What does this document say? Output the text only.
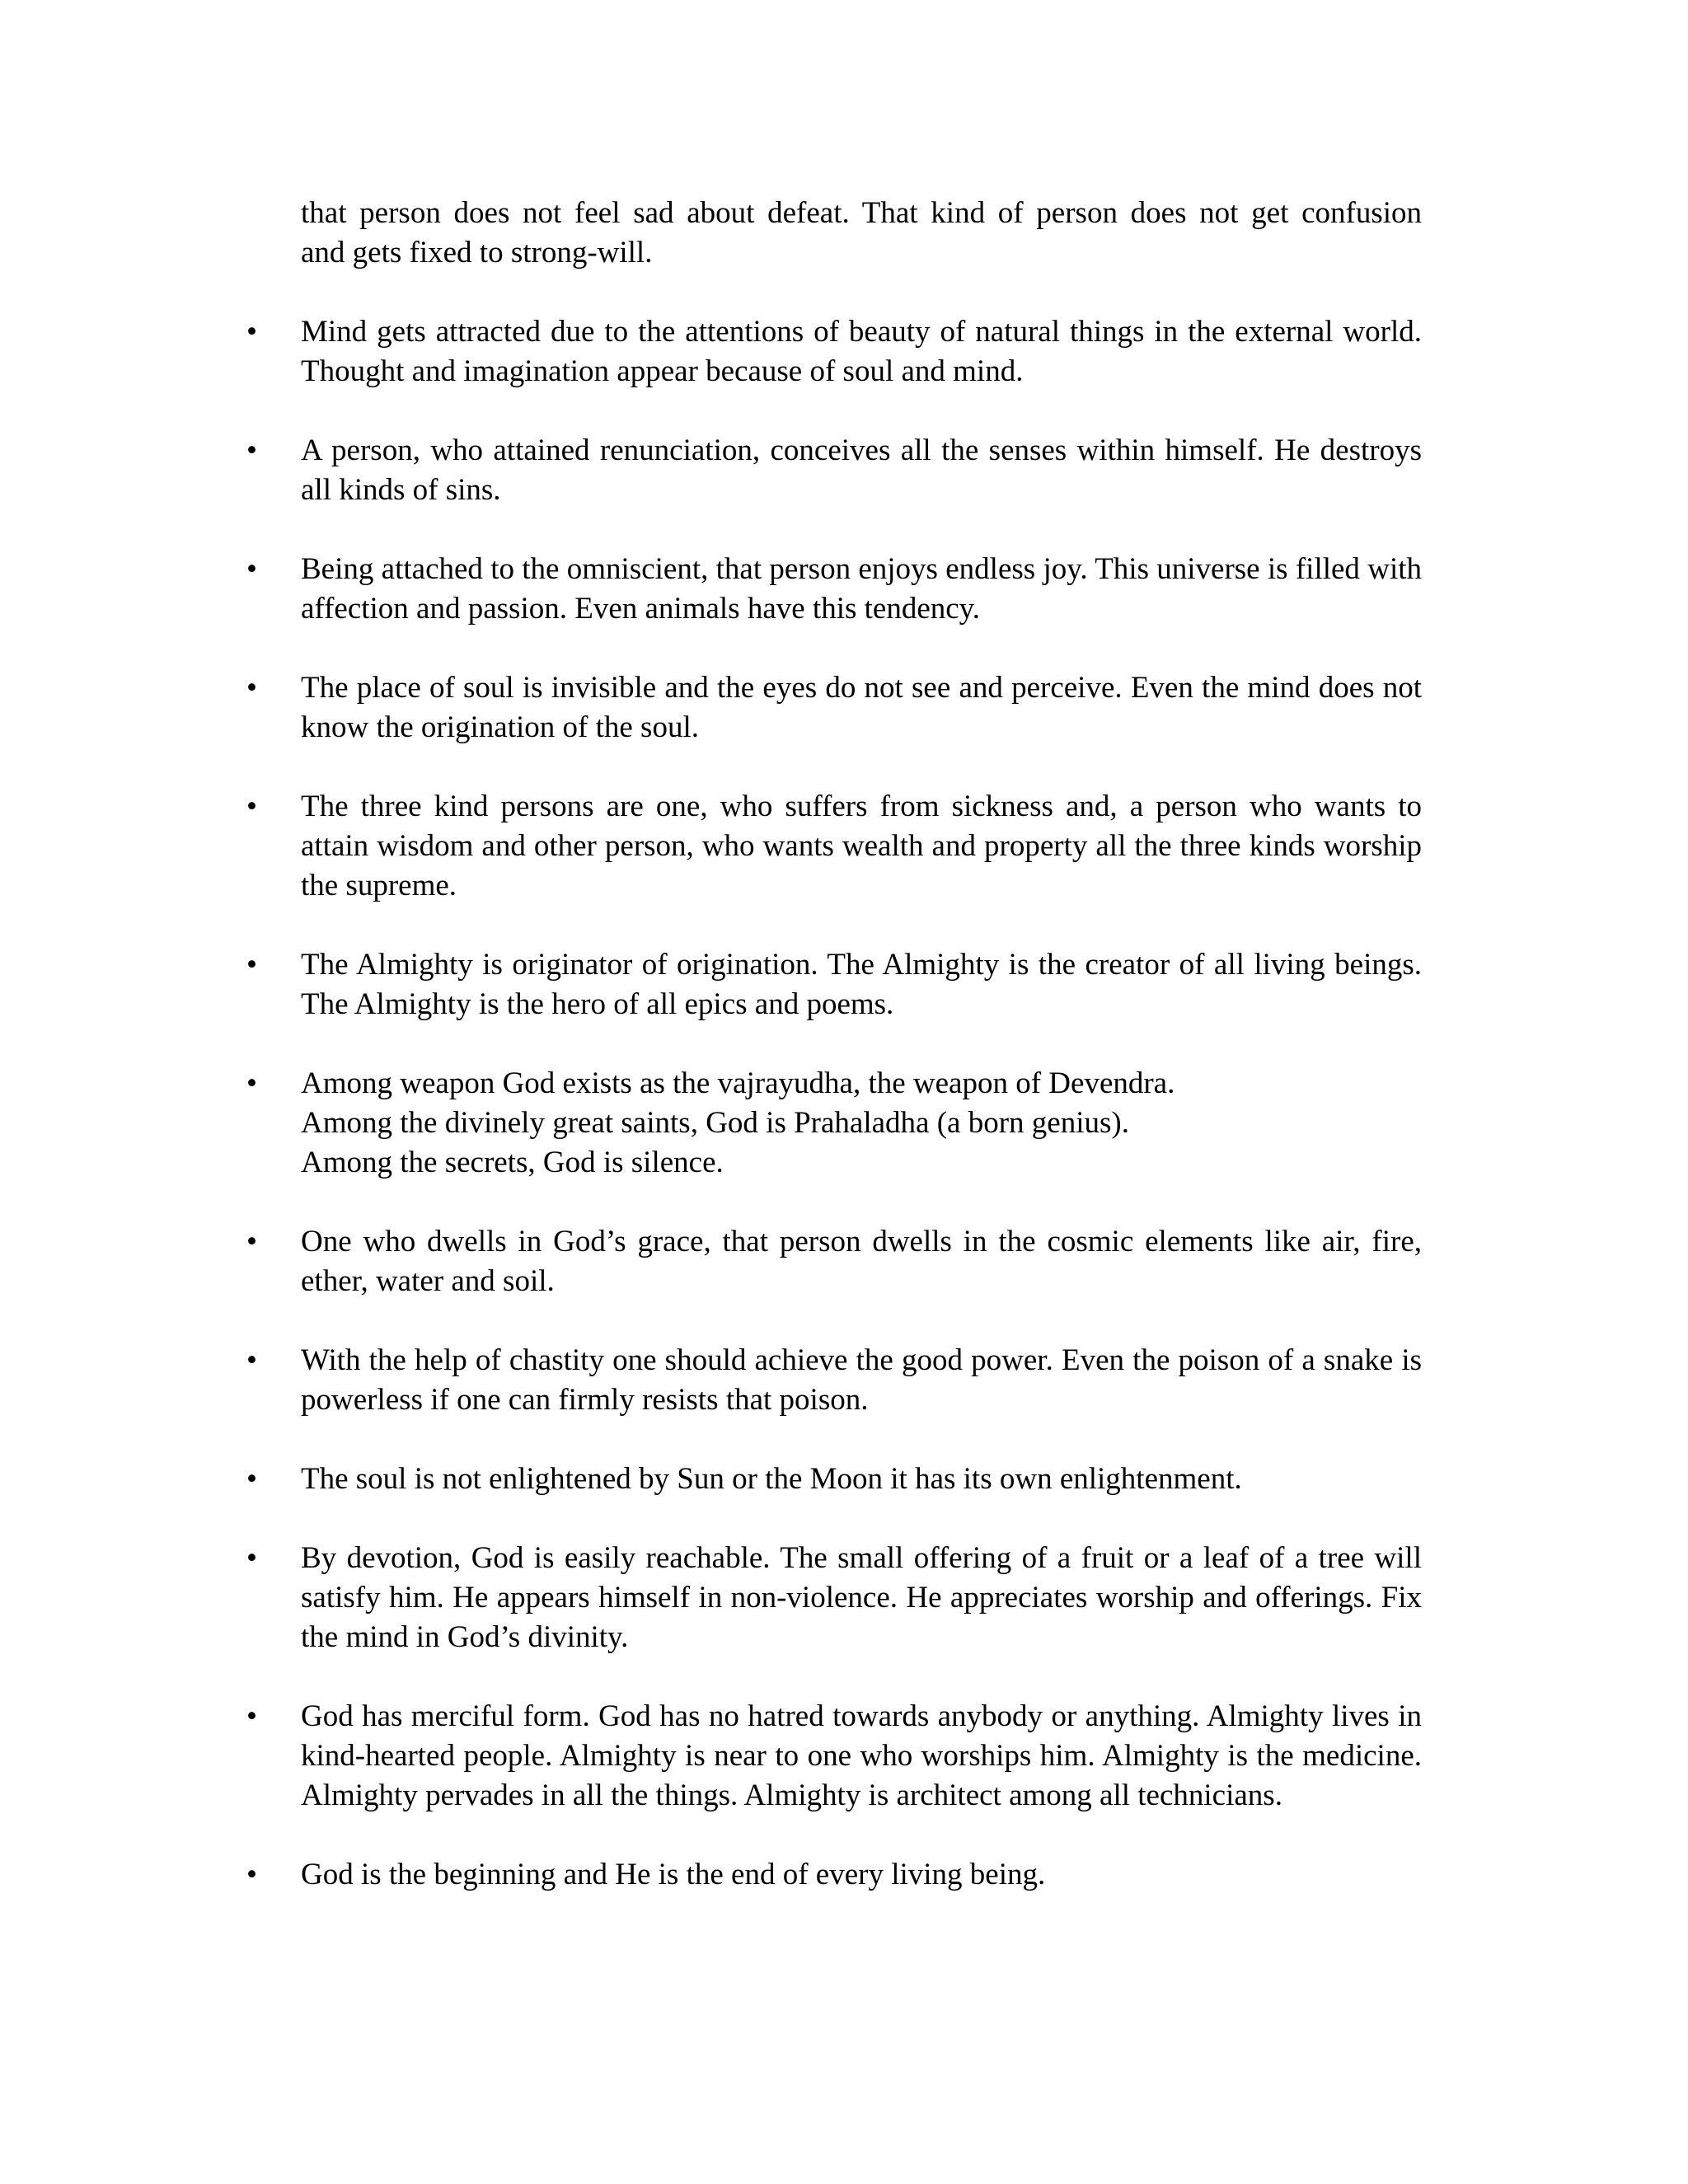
that person does not feel sad about defeat. That kind of person does not get confusion
and gets fixed to strong-will.

• Mind gets attracted due to the attentions of beauty of natural things in the external world. Thought and imagination appear because of soul and mind.

• A person, who attained renunciation, conceives all the senses within himself. He destroys all kinds of sins.

• Being attached to the omniscient, that person enjoys endless joy. This universe is filled with affection and passion. Even animals have this tendency.

• The place of soul is invisible and the eyes do not see and perceive. Even the mind does not know the origination of the soul.

• The three kind persons are one, who suffers from sickness and, a person who wants to attain wisdom and other person, who wants wealth and property all the three kinds worship the supreme.

• The Almighty is originator of origination. The Almighty is the creator of all living beings. The Almighty is the hero of all epics and poems.

• Among weapon God exists as the vajrayudha, the weapon of Devendra.
Among the divinely great saints, God is Prahaladha (a born genius).
Among the secrets, God is silence.

• One who dwells in God’s grace, that person dwells in the cosmic elements like air, fire, ether, water and soil.

• With the help of chastity one should achieve the good power. Even the poison of a snake is powerless if one can firmly resists that poison.

• The soul is not enlightened by Sun or the Moon it has its own enlightenment.

• By devotion, God is easily reachable. The small offering of a fruit or a leaf of a tree will satisfy him. He appears himself in non-violence. He appreciates worship and offerings. Fix the mind in God’s divinity.

• God has merciful form. God has no hatred towards anybody or anything. Almighty lives in kind-hearted people. Almighty is near to one who worships him. Almighty is the medicine. Almighty pervades in all the things. Almighty is architect among all technicians.

• God is the beginning and He is the end of every living being.
